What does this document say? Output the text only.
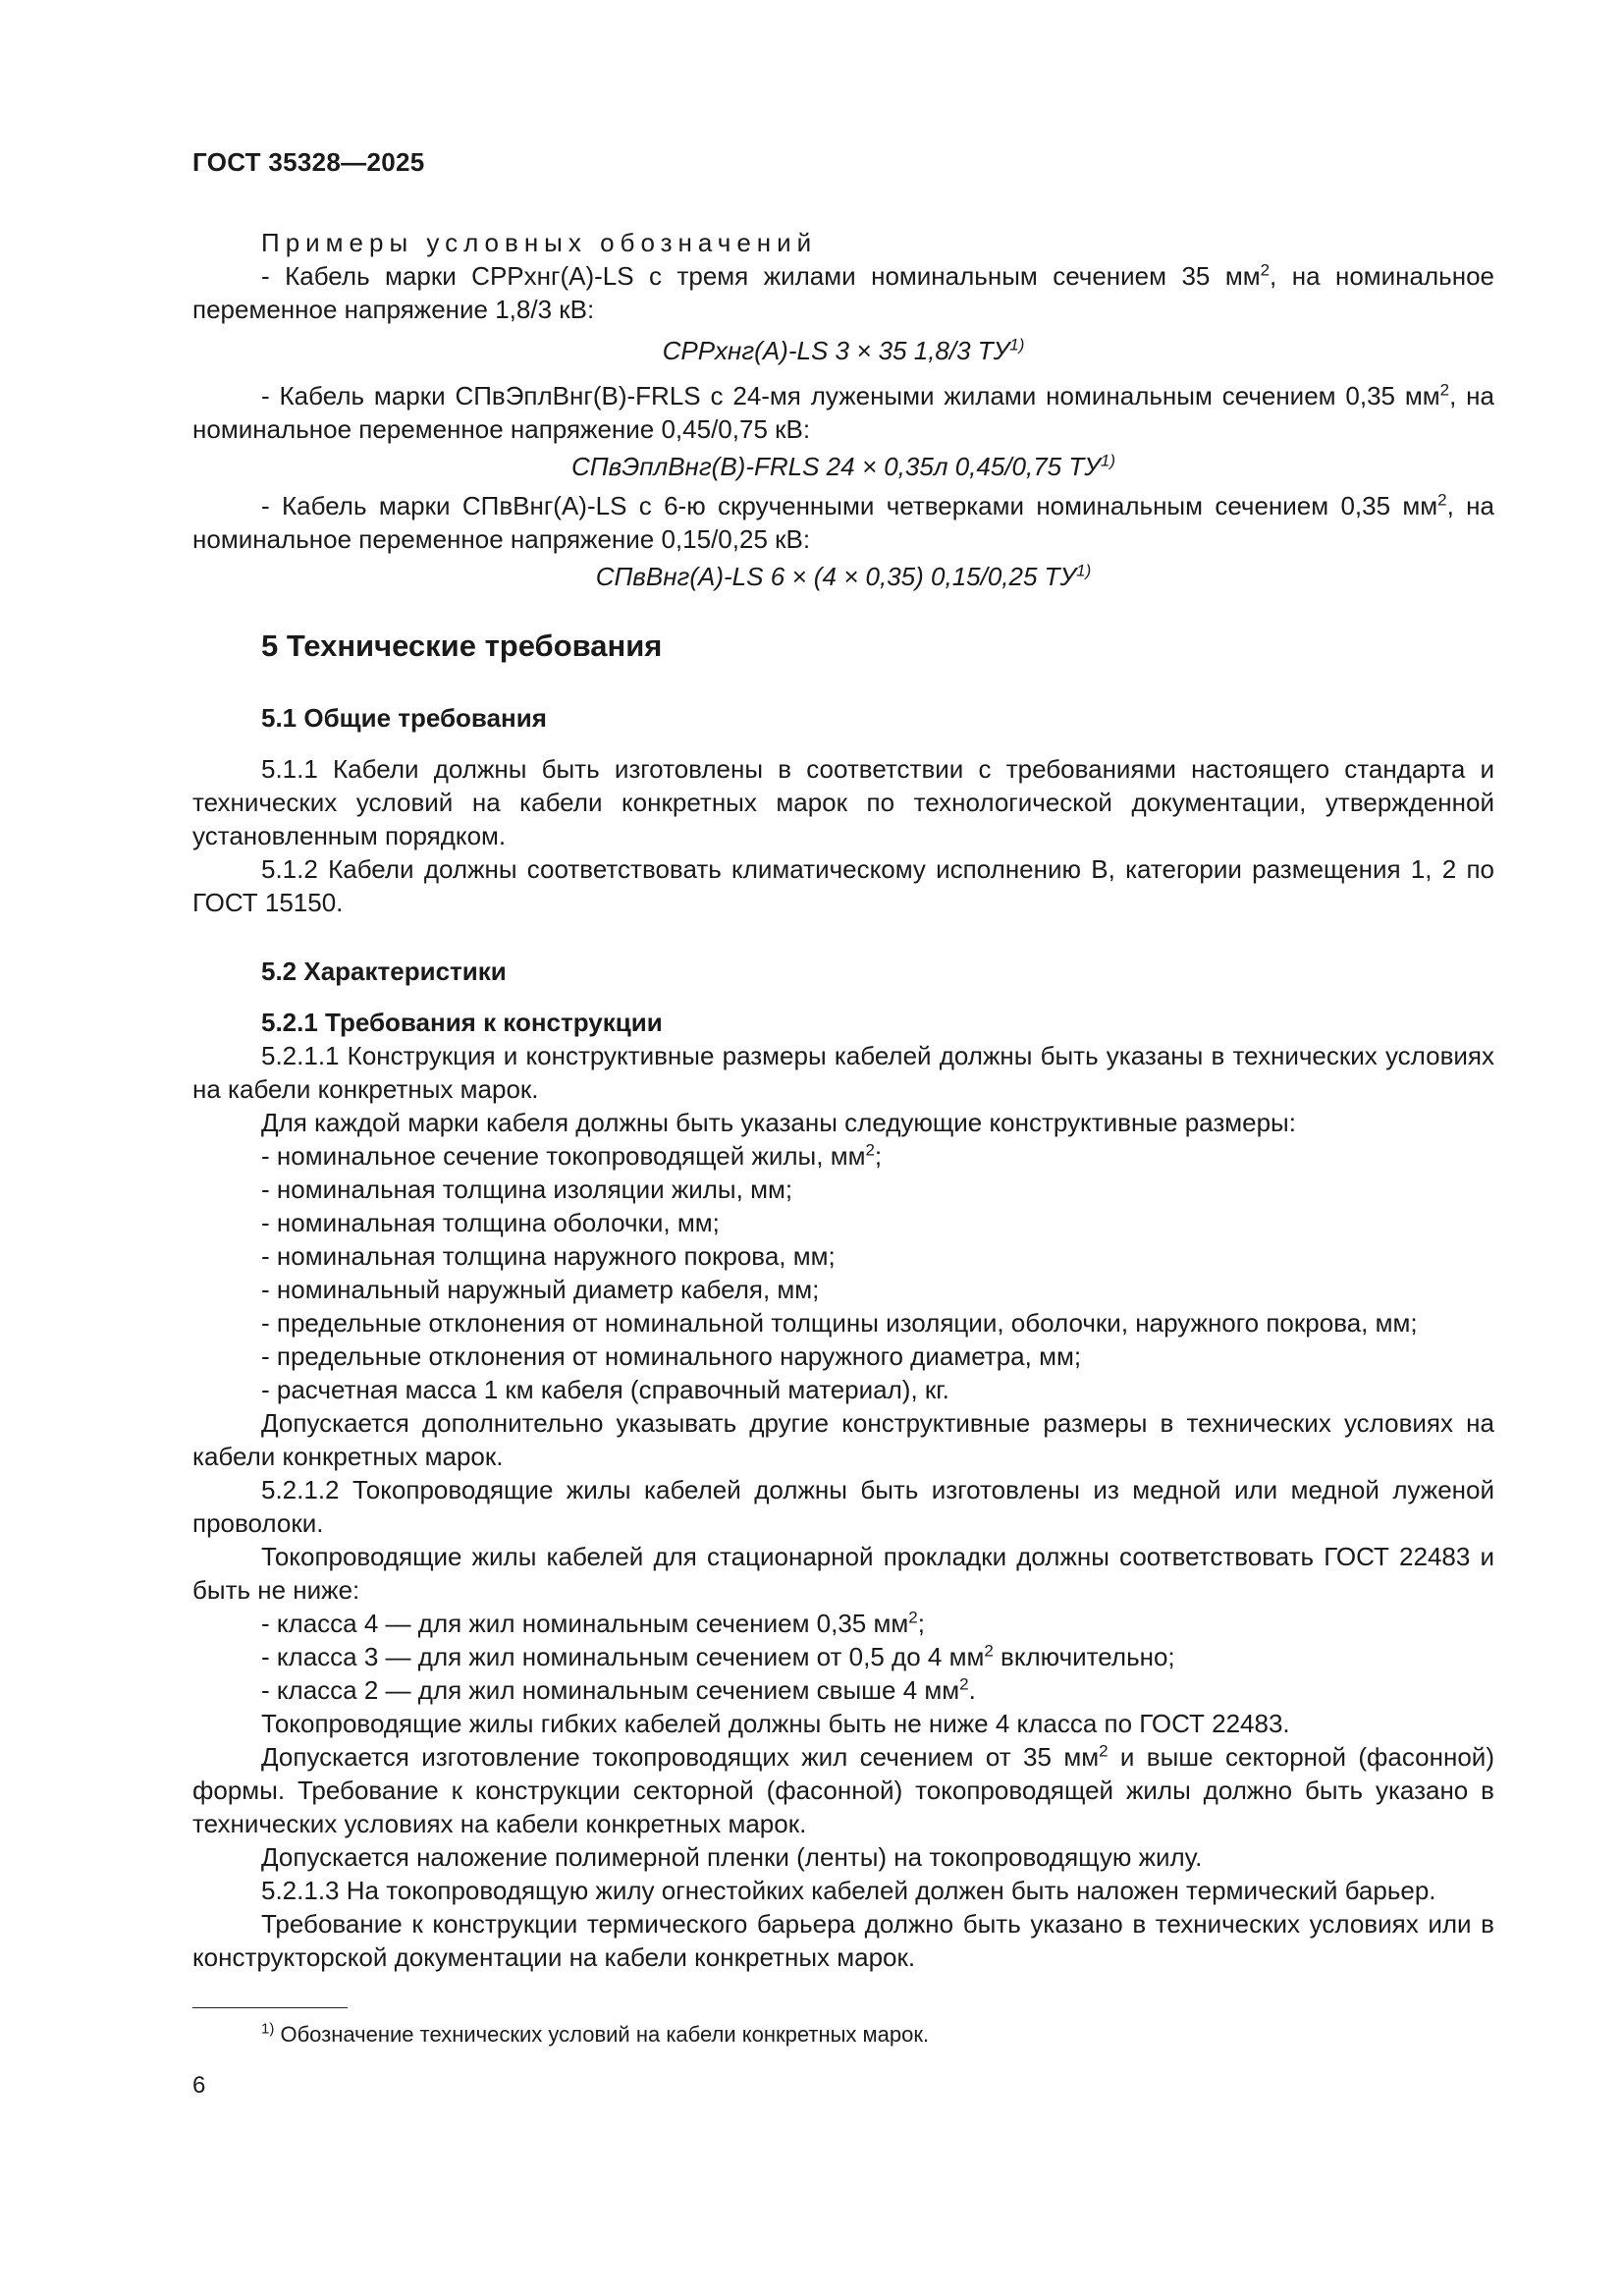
ГОСТ 35328—2025

Примеры условных обозначений

- Кабель марки СРРхнг(А)-LS с тремя жилами номинальным сечением 35 $мм^2$, на номинальное переменное напряжение 1,8/3 кВ:

СРРхнг(А)-LS 3 × 35 1,8/3 ТУ$^{1)}$

- Кабель марки СПвЭплВнг(В)-FRLS с 24-мя лужеными жилами номинальным сечением 0,35 $мм^2$, на номинальное переменное напряжение 0,45/0,75 кВ:

СПвЭплВнг(В)-FRLS 24 × 0,35л 0,45/0,75 ТУ$^{1)}$

- Кабель марки СПвВнг(А)-LS с 6-ю скрученными четверками номинальным сечением 0,35 $мм^2$, на номинальное переменное напряжение 0,15/0,25 кВ:

СПвВнг(А)-LS 6 × (4 × 0,35) 0,15/0,25 ТУ$^{1)}$

5 Технические требования
5.1 Общие требования

5.1.1 Кабели должны быть изготовлены в соответствии с требованиями настоящего стандарта и технических условий на кабели конкретных марок по технологической документации, утвержденной установленным порядком.

5.1.2 Кабели должны соответствовать климатическому исполнению В, категории размещения 1, 2 по ГОСТ 15150.

5.2 Характеристики
5.2.1 Требования к конструкции

5.2.1.1 Конструкция и конструктивные размеры кабелей должны быть указаны в технических условиях на кабели конкретных марок.

Для каждой марки кабеля должны быть указаны следующие конструктивные размеры:

- номинальное сечение токопроводящей жилы, $мм^2$;

- номинальная толщина изоляции жилы, мм;

- номинальная толщина оболочки, мм;

- номинальная толщина наружного покрова, мм;

- номинальный наружный диаметр кабеля, мм;

- предельные отклонения от номинальной толщины изоляции, оболочки, наружного покрова, мм;

- предельные отклонения от номинального наружного диаметра, мм;

- расчетная масса 1 км кабеля (справочный материал), кг.

Допускается дополнительно указывать другие конструктивные размеры в технических условиях на кабели конкретных марок.

5.2.1.2 Токопроводящие жилы кабелей должны быть изготовлены из медной или медной луженой проволоки.

Токопроводящие жилы кабелей для стационарной прокладки должны соответствовать ГОСТ 22483 и быть не ниже:

- класса 4 — для жил номинальным сечением 0,35 $мм^2$;

- класса 3 — для жил номинальным сечением от 0,5 до 4 $мм^2$ включительно;

- класса 2 — для жил номинальным сечением свыше 4 $мм^2$.

Токопроводящие жилы гибких кабелей должны быть не ниже 4 класса по ГОСТ 22483.

Допускается изготовление токопроводящих жил сечением от 35 $мм^2$ и выше секторной (фасонной) формы. Требование к конструкции секторной (фасонной) токопроводящей жилы должно быть указано в технических условиях на кабели конкретных марок.

Допускается наложение полимерной пленки (ленты) на токопроводящую жилу.

5.2.1.3 На токопроводящую жилу огнестойких кабелей должен быть наложен термический барьер.

Требование к конструкции термического барьера должно быть указано в технических условиях или в конструкторской документации на кабели конкретных марок.

$^{1)}$ Обозначение технических условий на кабели конкретных марок.
6
